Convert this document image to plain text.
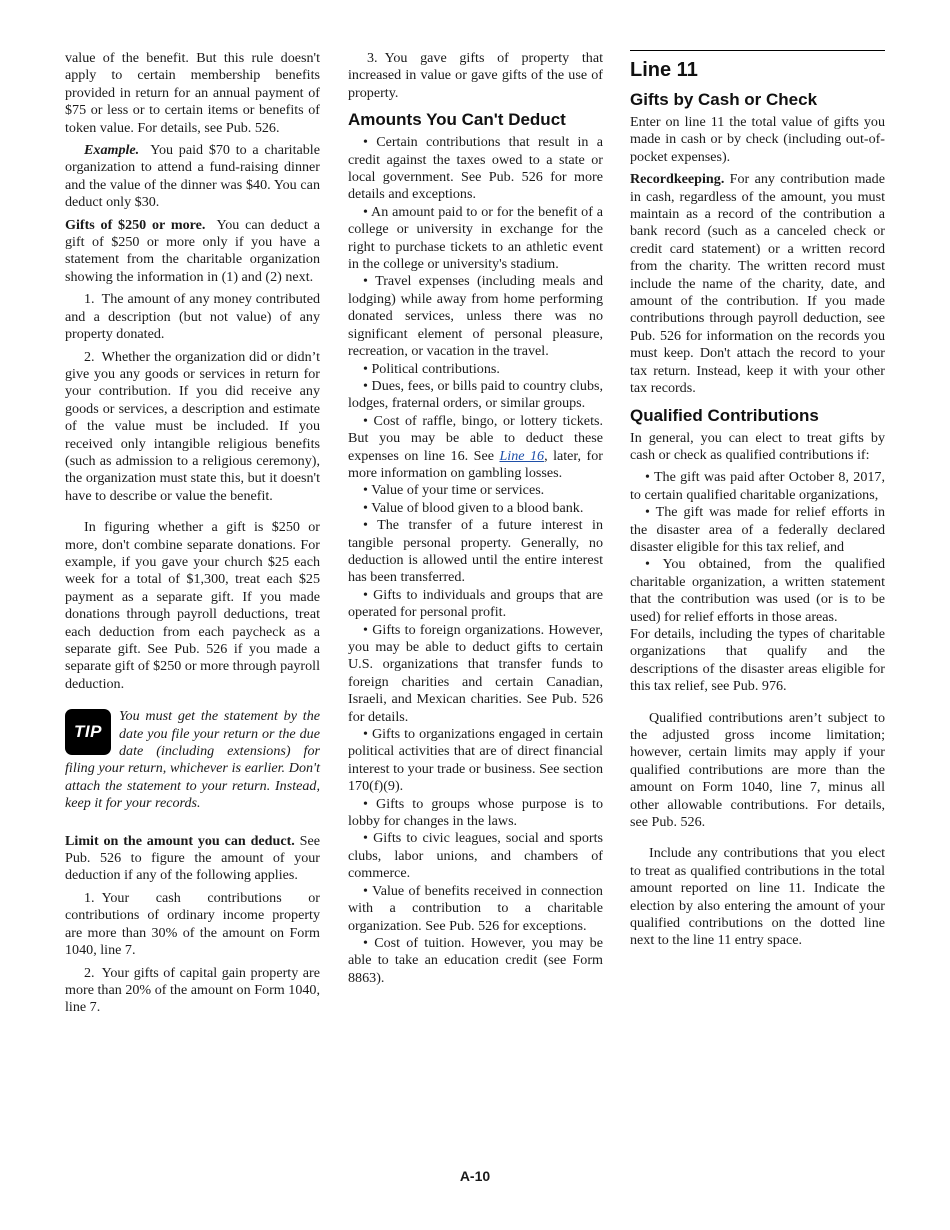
value of the benefit. But this rule doesn't apply to certain membership benefits provided in return for an annual payment of $75 or less or to certain items or benefits of token value. For details, see Pub. 526.

Example. You paid $70 to a charitable organization to attend a fund-raising dinner and the value of the dinner was $40. You can deduct only $30.

Gifts of $250 or more. You can deduct a gift of $250 or more only if you have a statement from the charitable organization showing the information in (1) and (2) next.

1. The amount of any money contributed and a description (but not value) of any property donated.

2. Whether the organization did or didn’t give you any goods or services in return for your contribution. If you did receive any goods or services, a description and estimate of the value must be included. If you received only intangible religious benefits (such as admission to a religious ceremony), the organization must state this, but it doesn't have to describe or value the benefit.

In figuring whether a gift is $250 or more, don't combine separate donations. For example, if you gave your church $25 each week for a total of $1,300, treat each $25 payment as a separate gift. If you made donations through payroll deductions, treat each deduction from each paycheck as a separate gift. See Pub. 526 if you made a separate gift of $250 or more through payroll deduction.

TIP

You must get the statement by the date you file your return or the due date (including extensions) for filing your return, whichever is earlier. Don't attach the statement to your return. Instead, keep it for your records.

Limit on the amount you can deduct. See Pub. 526 to figure the amount of your deduction if any of the following applies.

1. Your cash contributions or contributions of ordinary income property are more than 30% of the amount on Form 1040, line 7.

2. Your gifts of capital gain property are more than 20% of the amount on Form 1040, line 7.

3. You gave gifts of property that increased in value or gave gifts of the use of property.

Amounts You Can't Deduct

• Certain contributions that result in a credit against the taxes owed to a state or local government. See Pub. 526 for more details and exceptions.

• An amount paid to or for the benefit of a college or university in exchange for the right to purchase tickets to an athletic event in the college or university's stadium.

• Travel expenses (including meals and lodging) while away from home performing donated services, unless there was no significant element of personal pleasure, recreation, or vacation in the travel.

• Political contributions.

• Dues, fees, or bills paid to country clubs, lodges, fraternal orders, or similar groups.

• Cost of raffle, bingo, or lottery tickets. But you may be able to deduct these expenses on line 16. See Line 16, later, for more information on gambling losses.

• Value of your time or services.

• Value of blood given to a blood bank.

• The transfer of a future interest in tangible personal property. Generally, no deduction is allowed until the entire interest has been transferred.

• Gifts to individuals and groups that are operated for personal profit.

• Gifts to foreign organizations. However, you may be able to deduct gifts to certain U.S. organizations that transfer funds to foreign charities and certain Canadian, Israeli, and Mexican charities. See Pub. 526 for details.

• Gifts to organizations engaged in certain political activities that are of direct financial interest to your trade or business. See section 170(f)(9).

• Gifts to groups whose purpose is to lobby for changes in the laws.

• Gifts to civic leagues, social and sports clubs, labor unions, and chambers of commerce.

• Value of benefits received in connection with a contribution to a charitable organization. See Pub. 526 for exceptions.

• Cost of tuition. However, you may be able to take an education credit (see Form 8863).

Line 11
Gifts by Cash or Check

Enter on line 11 the total value of gifts you made in cash or by check (including out-of-pocket expenses).

Recordkeeping. For any contribution made in cash, regardless of the amount, you must maintain as a record of the contribution a bank record (such as a canceled check or credit card statement) or a written record from the charity. The written record must include the name of the charity, date, and amount of the contribution. If you made contributions through payroll deduction, see Pub. 526 for information on the records you must keep. Don't attach the record to your tax return. Instead, keep it with your other tax records.

Qualified Contributions

In general, you can elect to treat gifts by cash or check as qualified contributions if:

• The gift was paid after October 8, 2017, to certain qualified charitable organizations,

• The gift was made for relief efforts in the disaster area of a federally declared disaster eligible for this tax relief, and

• You obtained, from the qualified charitable organization, a written statement that the contribution was used (or is to be used) for relief efforts in those areas.

For details, including the types of charitable organizations that qualify and the descriptions of the disaster areas eligible for this tax relief, see Pub. 976.

Qualified contributions aren’t subject to the adjusted gross income limitation; however, certain limits may apply if your qualified contributions are more than the amount on Form 1040, line 7, minus all other allowable contributions. For details, see Pub. 526.

Include any contributions that you elect to treat as qualified contributions in the total amount reported on line 11. Indicate the election by also entering the amount of your qualified contributions on the dotted line next to the line 11 entry space.

A-10
